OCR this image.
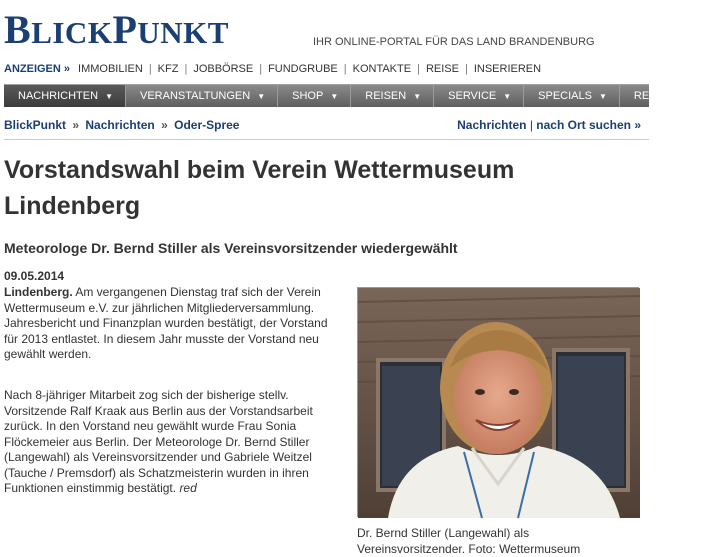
BLICKPUNKT	IHR ONLINE-PORTAL FÜR DAS LAND BRANDENBURG
ANZEIGEN » IMMOBILIEN | KFZ | JOBBÖRSE | FUNDGRUBE | KONTAKTE | REISE | INSERIEREN
NACHRICHTEN ▼ VERANSTALTUNGEN ▼ SHOP ▼ REISEN ▼ SERVICE ▼ SPECIALS ▼ REPORTAGEN
BlickPunkt » Nachrichten » Oder-Spree	Nachrichten | nach Ort suchen »
Vorstandswahl beim Verein Wettermuseum Lindenberg
Meteorologe Dr. Bernd Stiller als Vereinsvorsitzender wiedergewählt
09.05.2014

Lindenberg. Am vergangenen Dienstag traf sich der Verein Wettermuseum e.V. zur jährlichen Mitgliederversammlung. Jahresbericht und Finanzplan wurden bestätigt, der Vorstand für 2013 entlastet. In diesem Jahr musste der Vorstand neu gewählt werden.

Nach 8-jähriger Mitarbeit zog sich der bisherige stellv. Vorsitzende Ralf Kraak aus Berlin aus der Vorstandsarbeit zurück. In den Vorstand neu gewählt wurde Frau Sonia Flöckemeier aus Berlin. Der Meteorologe Dr. Bernd Stiller (Langewahl) als Vereinsvorsitzender und Gabriele Weitzel (Tauche / Premsdorf) als Schatzmeisterin wurden in ihren Funktionen einstimmig bestätigt. red

Dr. Bernd Stiller (Langewahl) als Vereinsvorsitzender. Foto: Wettermuseum
